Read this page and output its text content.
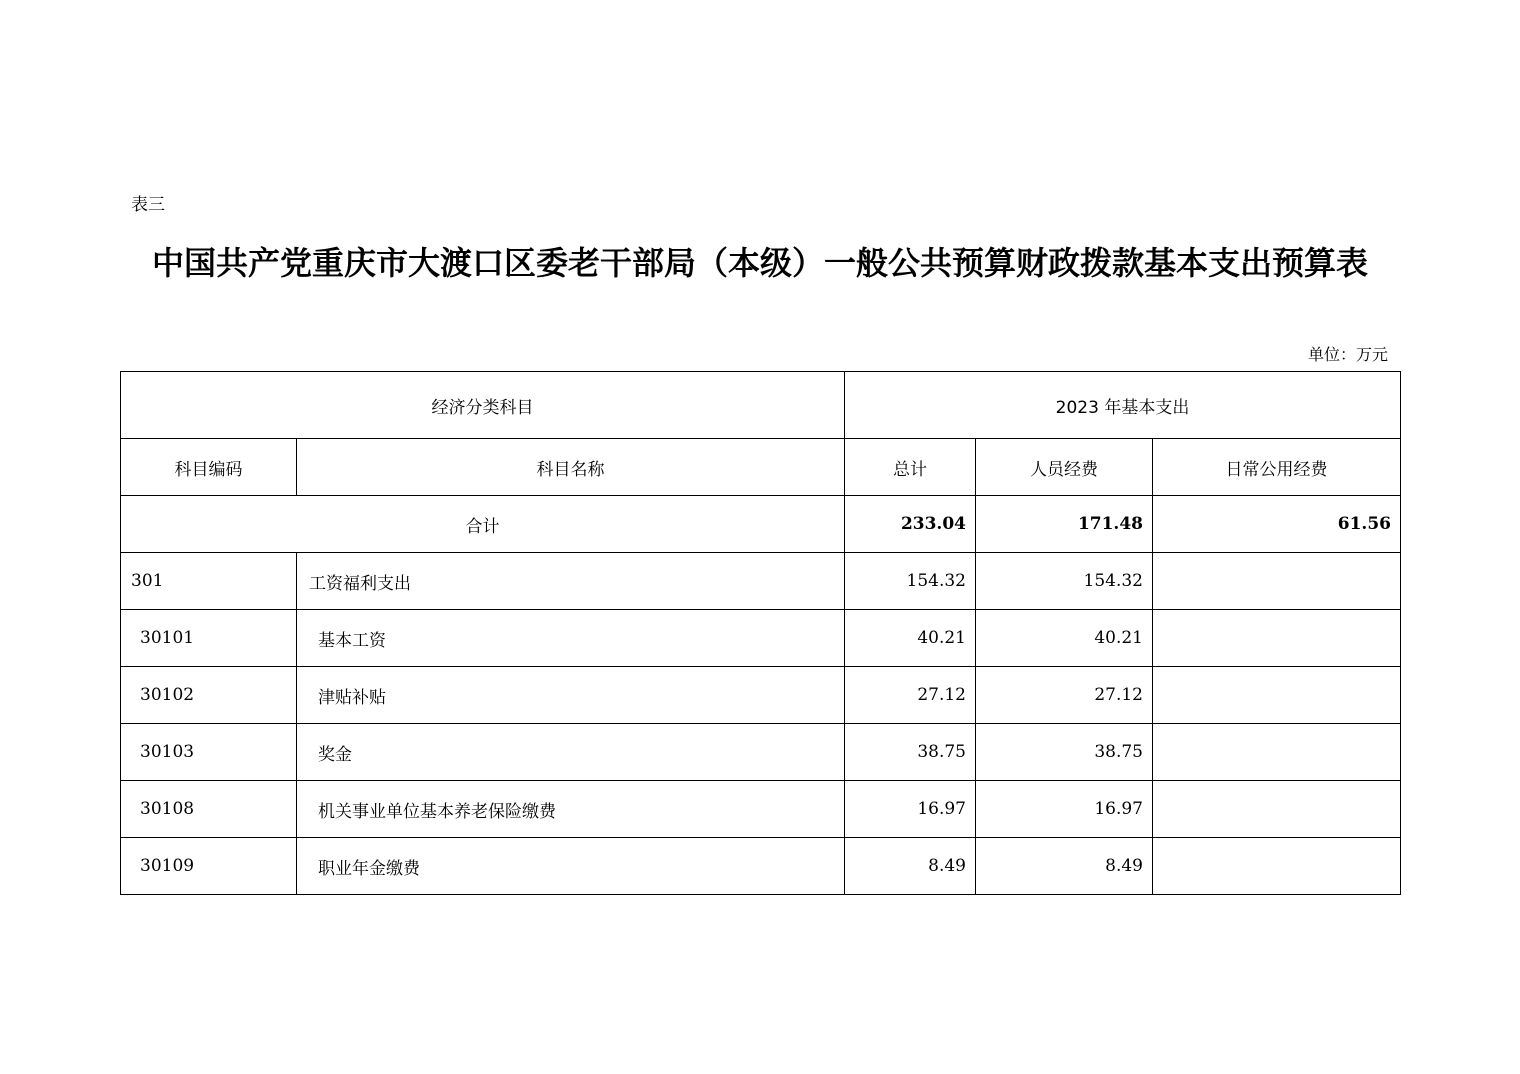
表三
中国共产党重庆市大渡口区委老干部局（本级）一般公共预算财政拨款基本支出预算表
单位：万元
经济分类科目		2023 年基本支出		
科目编码	科目名称	总计	人员经费	日常公用经费
合计		233.04	171.48	61.56
301	工资福利支出	154.32	154.32	
30101	基本工资	40.21	40.21	
30102	津贴补贴	27.12	27.12	
30103	奖金	38.75	38.75	
30108	机关事业单位基本养老保险缴费	16.97	16.97	
30109	职业年金缴费	8.49	8.49	
